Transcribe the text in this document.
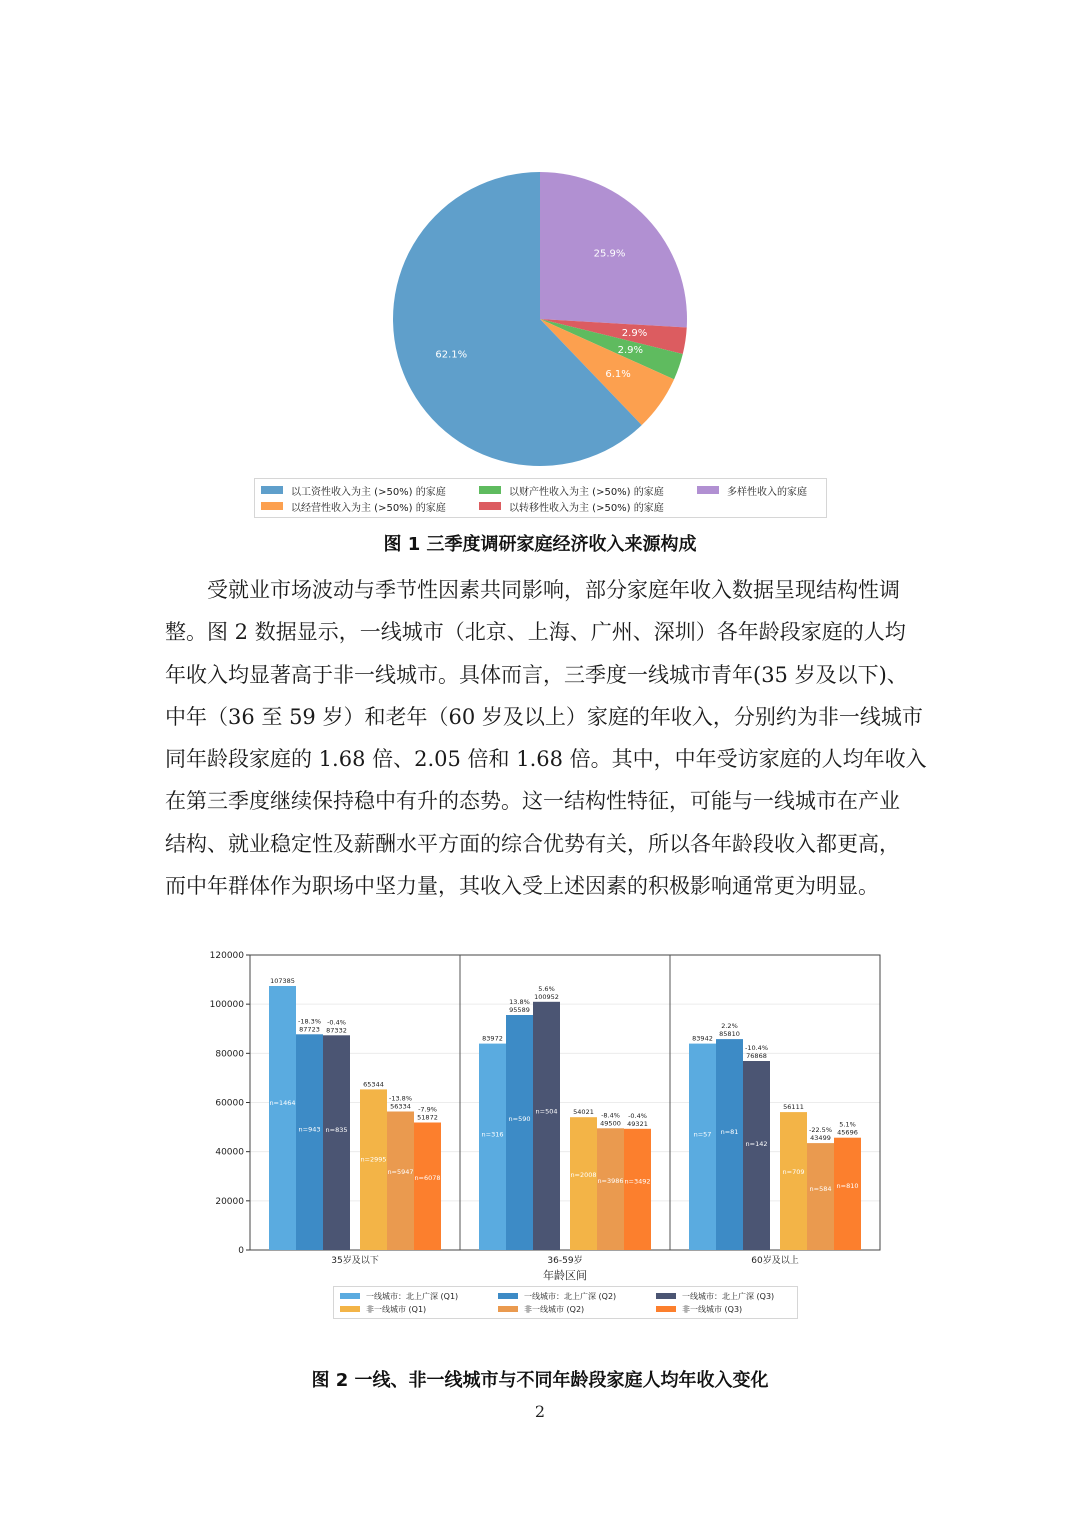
25.9%
2.9%
2.9%
6.1%
62.1%
以工资性收入为主 (>50%) 的家庭
以经营性收入为主 (>50%) 的家庭
以财产性收入为主 (>50%) 的家庭
以转移性收入为主 (>50%) 的家庭
多样性收入的家庭
图 1 三季度调研家庭经济收入来源构成
受就业市场波动与季节性因素共同影响，部分家庭年收入数据呈现结构性调
整。图 2 数据显示，一线城市（北京、上海、广州、深圳）各年龄段家庭的人均
年收入均显著高于非一线城市。具体而言，三季度一线城市青年(35 岁及以下)、
中年（36 至 59 岁）和老年（60 岁及以上）家庭的年收入，分别约为非一线城市
同年龄段家庭的 1.68 倍、2.05 倍和 1.68 倍。其中，中年受访家庭的人均年收入
在第三季度继续保持稳中有升的态势。这一结构性特征，可能与一线城市在产业
结构、就业稳定性及薪酬水平方面的综合优势有关，所以各年龄段收入都更高，
而中年群体作为职场中坚力量，其收入受上述因素的积极影响通常更为明显。
0
20000
40000
60000
80000
100000
120000
35岁及以下	36-59岁	60岁及以上
107385
n=1464
87723
-18.3%
n=943
87332
-0.4%
n=835
65344
n=2995
56334
-13.8%
n=5947
51872
-7.9%
n=6078
83972
n=316
95589
13.8%
n=590
100952
5.6%
n=504 54021
n=2008
49500
-8.4%
n=3986
49321
-0.4%
n=3492
83942
n=57
85810
2.2%
n=81
76868
-10.4%
n=142
56111
n=709
43499
-22.5%
n=584
45696
5.1%
n=810
年龄区间
一线城市：北上广深 (Q1)	一线城市：北上广深 (Q2)	一线城市：北上广深 (Q3)
非一线城市 (Q1)	非一线城市 (Q2)	非一线城市 (Q3)
图 2 一线、非一线城市与不同年龄段家庭人均年收入变化
2
